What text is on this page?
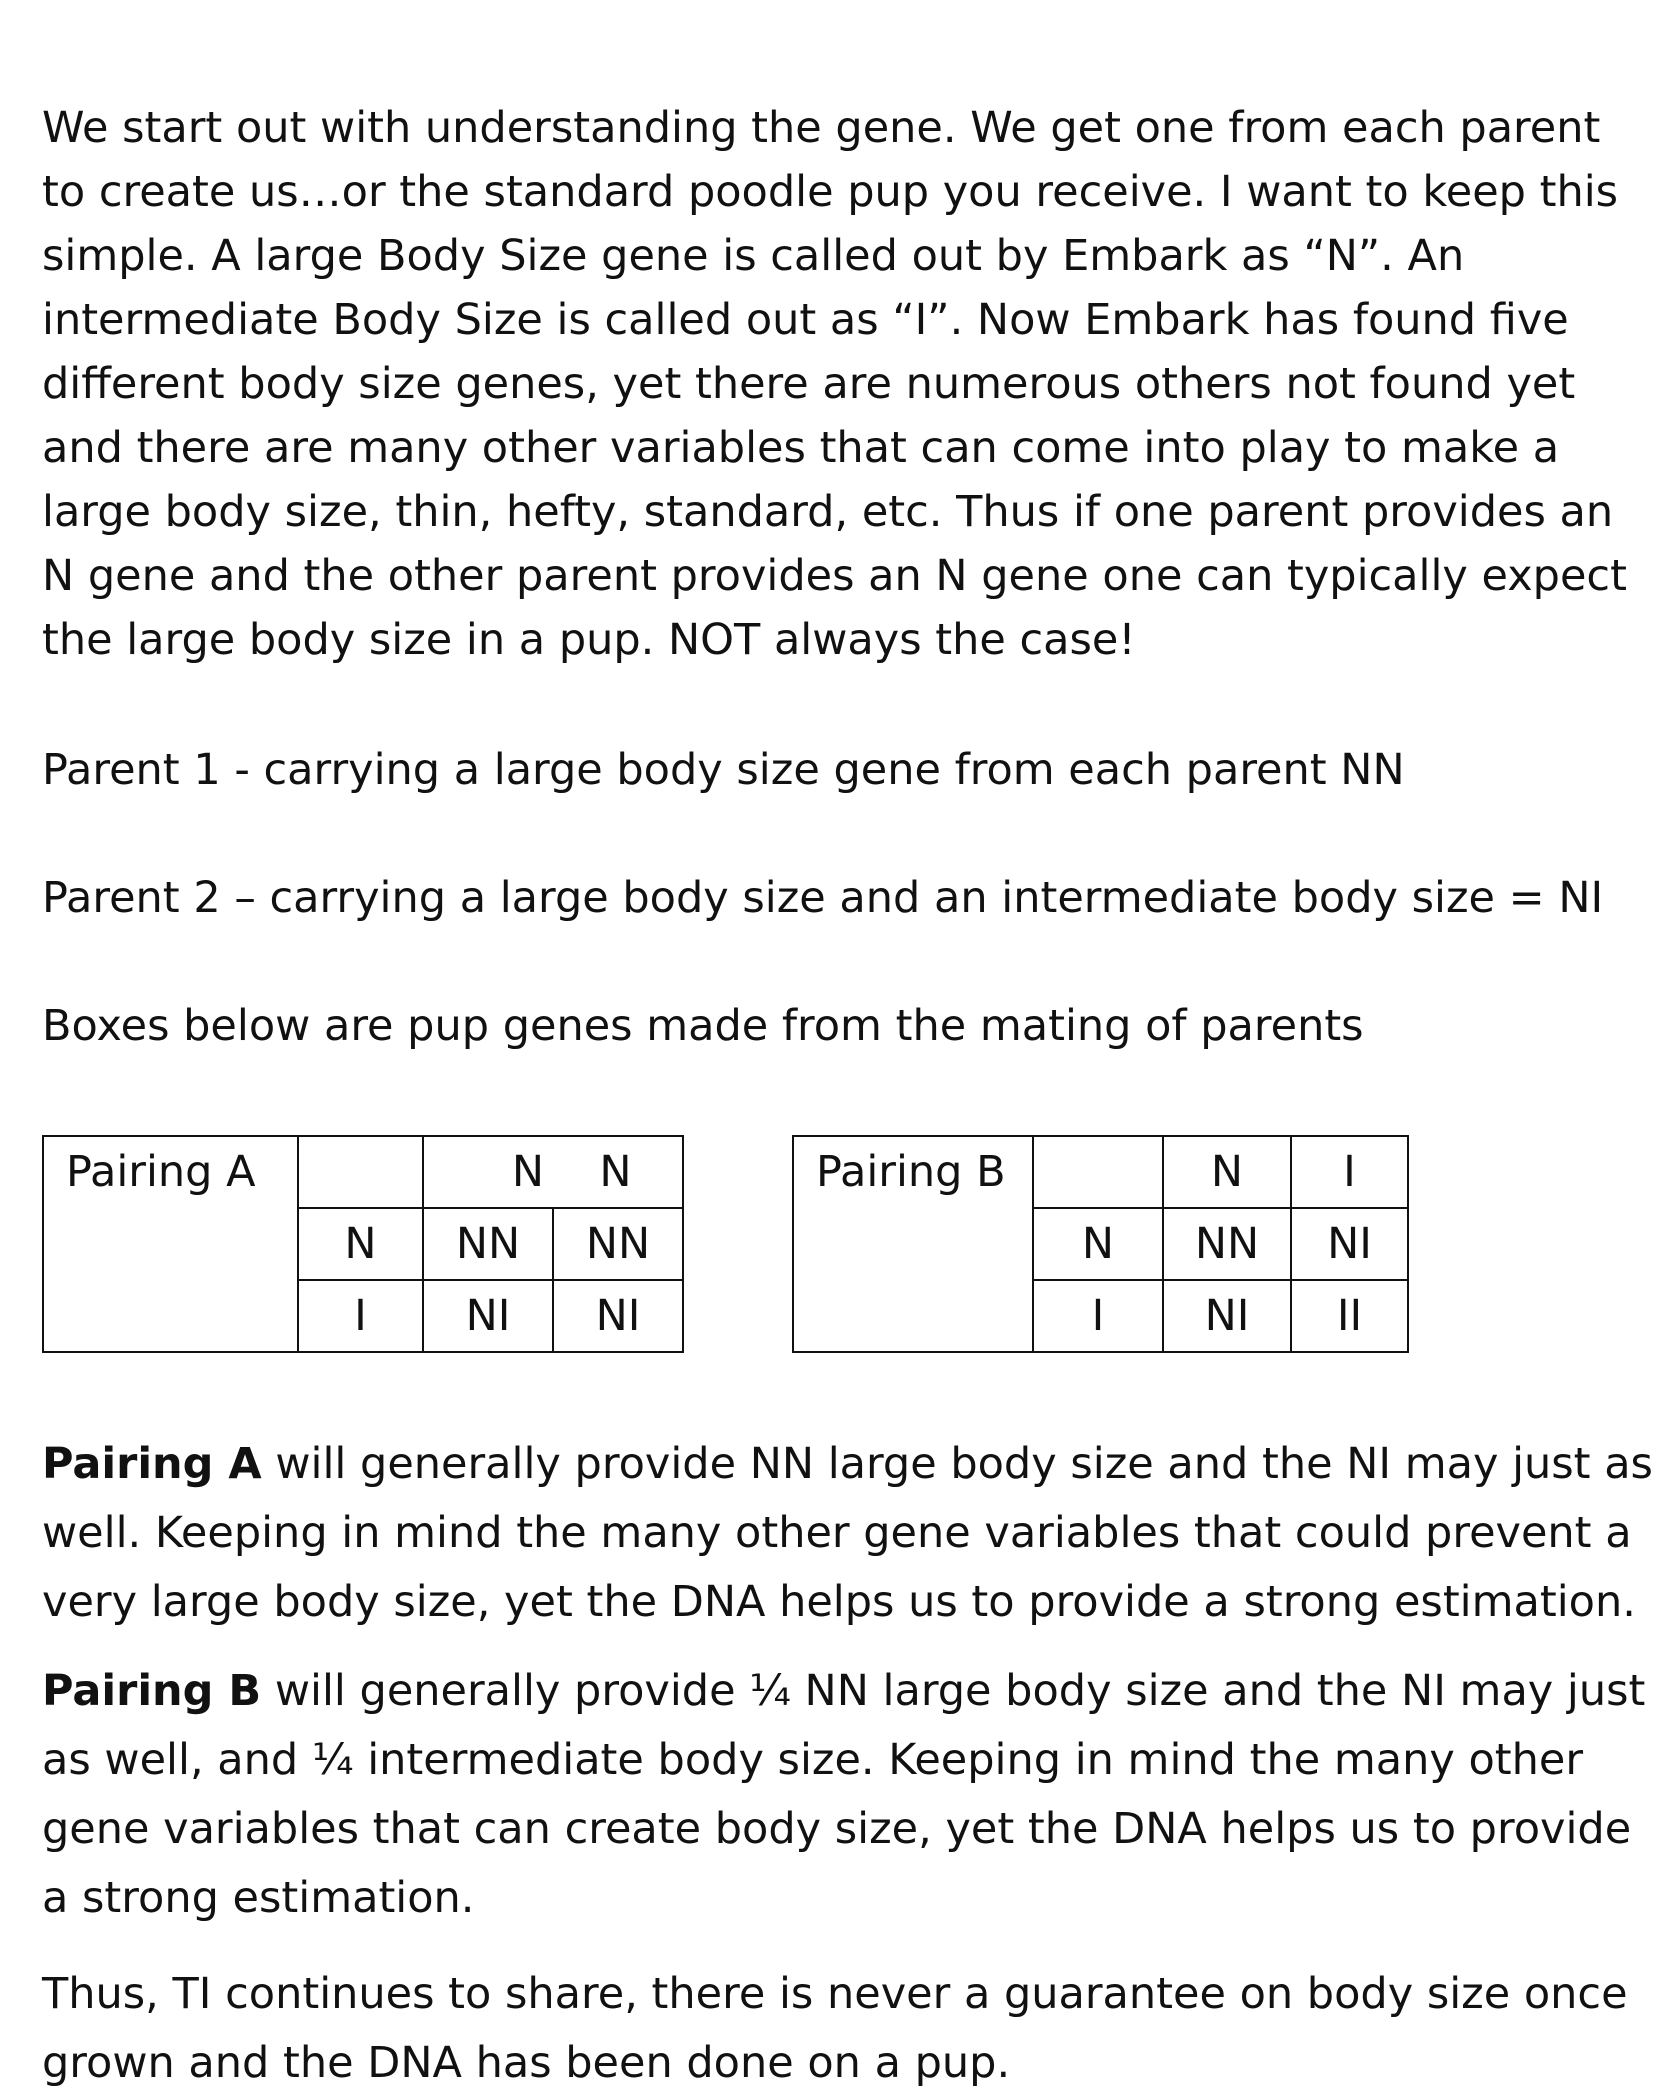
We start out with understanding the gene. We get one from each parent
to create us…or the standard poodle pup you receive. I want to keep this
simple. A large Body Size gene is called out by Embark as “N”. An
intermediate Body Size is called out as “I”. Now Embark has found five
different body size genes, yet there are numerous others not found yet
and there are many other variables that can come into play to make a
large body size, thin, hefty, standard, etc. Thus if one parent provides an
N gene and the other parent provides an N gene one can typically expect
the large body size in a pup. NOT always the case!
Parent 1 - carrying a large body size gene from each parent NN
Parent 2 – carrying a large body size and an intermediate body size = NI
Boxes below are pup genes made from the mating of parents
Pairing A		N N	
	N	NN	NN
	I	NI	NI
Pairing B		N	I
	N	NN	NI
	I	NI	II
Pairing A will generally provide NN large body size and the NI may just as
well. Keeping in mind the many other gene variables that could prevent a
very large body size, yet the DNA helps us to provide a strong estimation.
Pairing B will generally provide ¼ NN large body size and the NI may just
as well, and ¼ intermediate body size. Keeping in mind the many other
gene variables that can create body size, yet the DNA helps us to provide
a strong estimation.
Thus, TI continues to share, there is never a guarantee on body size once
grown and the DNA has been done on a pup.
